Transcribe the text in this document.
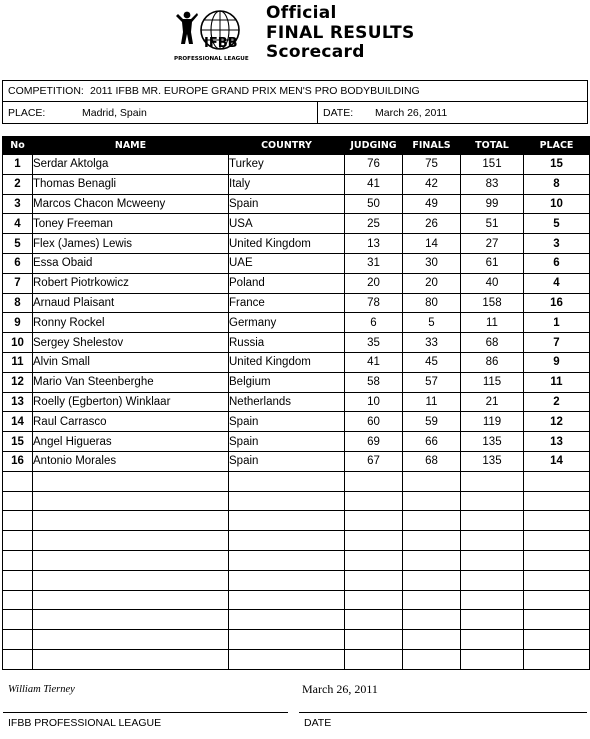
IFBB
PROFESSIONAL LEAGUE
Official
FINAL RESULTS
Scorecard
COMPETITION: 2011 IFBB MR. EUROPE GRAND PRIX MEN'S PRO BODYBUILDING
PLACE:	Madrid, Spain	DATE: March 26, 2011
No	NAME	COUNTRY	JUDGING	FINALS	TOTAL	PLACE
1	Serdar Aktolga	Turkey	76	75	151	15
2	Thomas Benagli	Italy	41	42	83	8
3	Marcos Chacon Mcweeny	Spain	50	49	99	10
4	Toney Freeman	USA	25	26	51	5
5	Flex (James) Lewis	United Kingdom	13	14	27	3
6	Essa Obaid	UAE	31	30	61	6
7	Robert Piotrkowicz	Poland	20	20	40	4
8	Arnaud Plaisant	France	78	80	158	16
9	Ronny Rockel	Germany	6	5	11	1
10	Sergey Shelestov	Russia	35	33	68	7
11	Alvin Small	United Kingdom	41	45	86	9
12	Mario Van Steenberghe	Belgium	58	57	115	11
13	Roelly (Egberton) Winklaar	Netherlands	10	11	21	2
14	Raul Carrasco	Spain	60	59	119	12
15	Angel Higueras	Spain	69	66	135	13
16	Antonio Morales	Spain	67	68	135	14

William Tierney	March 26, 2011
IFBB PROFESSIONAL LEAGUE	DATE
